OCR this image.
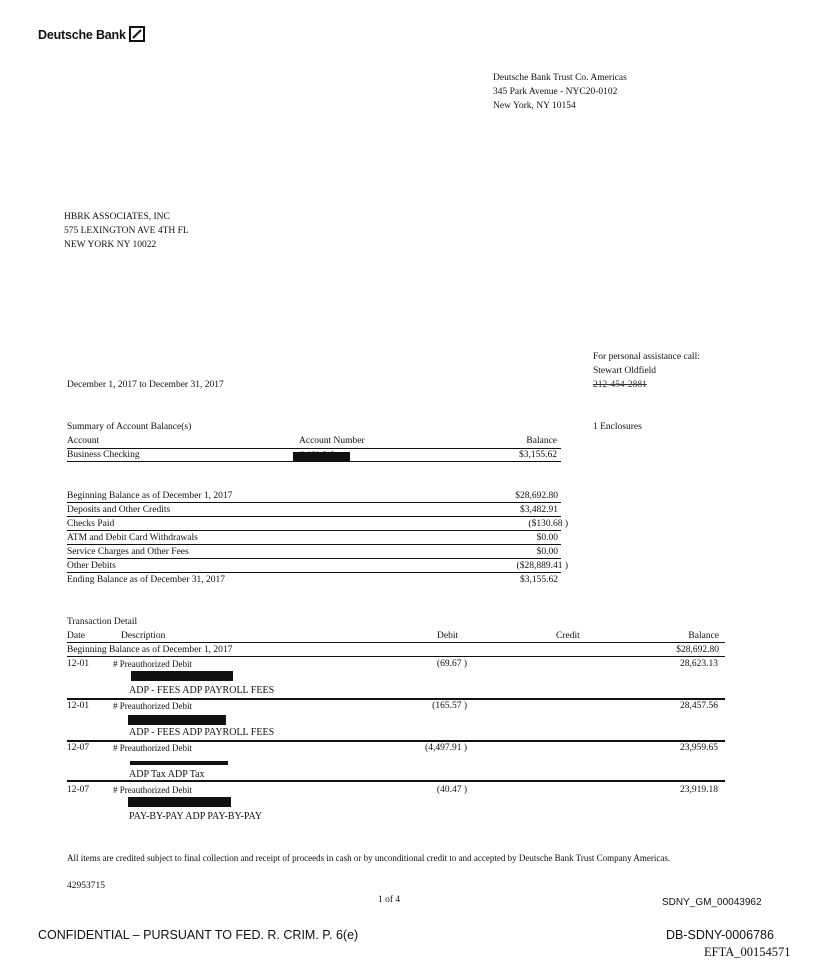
Deutsche Bank
Deutsche Bank Trust Co. Americas
345 Park Avenue - NYC20-0102
New York, NY 10154
HBRK ASSOCIATES, INC
575 LEXINGTON AVE 4TH FL
NEW YORK NY 10022
For personal assistance call:
Stewart Oldfield
212-454-2881
December 1, 2017 to December 31, 2017
1 Enclosures
Summary of Account Balance(s)
Account	Account Number	Balance
Business Checking	$3,155.62
Beginning Balance as of December 1, 2017	$28,692.80
Deposits and Other Credits	$3,482.91
Checks Paid	($130.68 )
ATM and Debit Card Withdrawals	$0.00
Service Charges and Other Fees	$0.00
Other Debits	($28,889.41 )
Ending Balance as of December 31, 2017	$3,155.62
Transaction Detail
Date	Description	Debit	Credit	Balance
Beginning Balance as of December 1, 2017	$28,692.80
12-01	# Preauthorized Debit	(69.67 )	28,623.13
ADP - FEES ADP PAYROLL FEES
12-01	# Preauthorized Debit	(165.57 )	28,457.56
ADP - FEES ADP PAYROLL FEES
12-07	# Preauthorized Debit	(4,497.91 )	23,959.65
ADP Tax ADP Tax
12-07	# Preauthorized Debit	(40.47 )	23,919.18
PAY-BY-PAY ADP PAY-BY-PAY
All items are credited subject to final collection and receipt of proceeds in cash or by unconditional credit to and accepted by Deutsche Bank Trust Company Americas.
42953715
1 of 4	SDNY_GM_00043962
CONFIDENTIAL – PURSUANT TO FED. R. CRIM. P. 6(e)	DB-SDNY-0006786
EFTA_00154571
